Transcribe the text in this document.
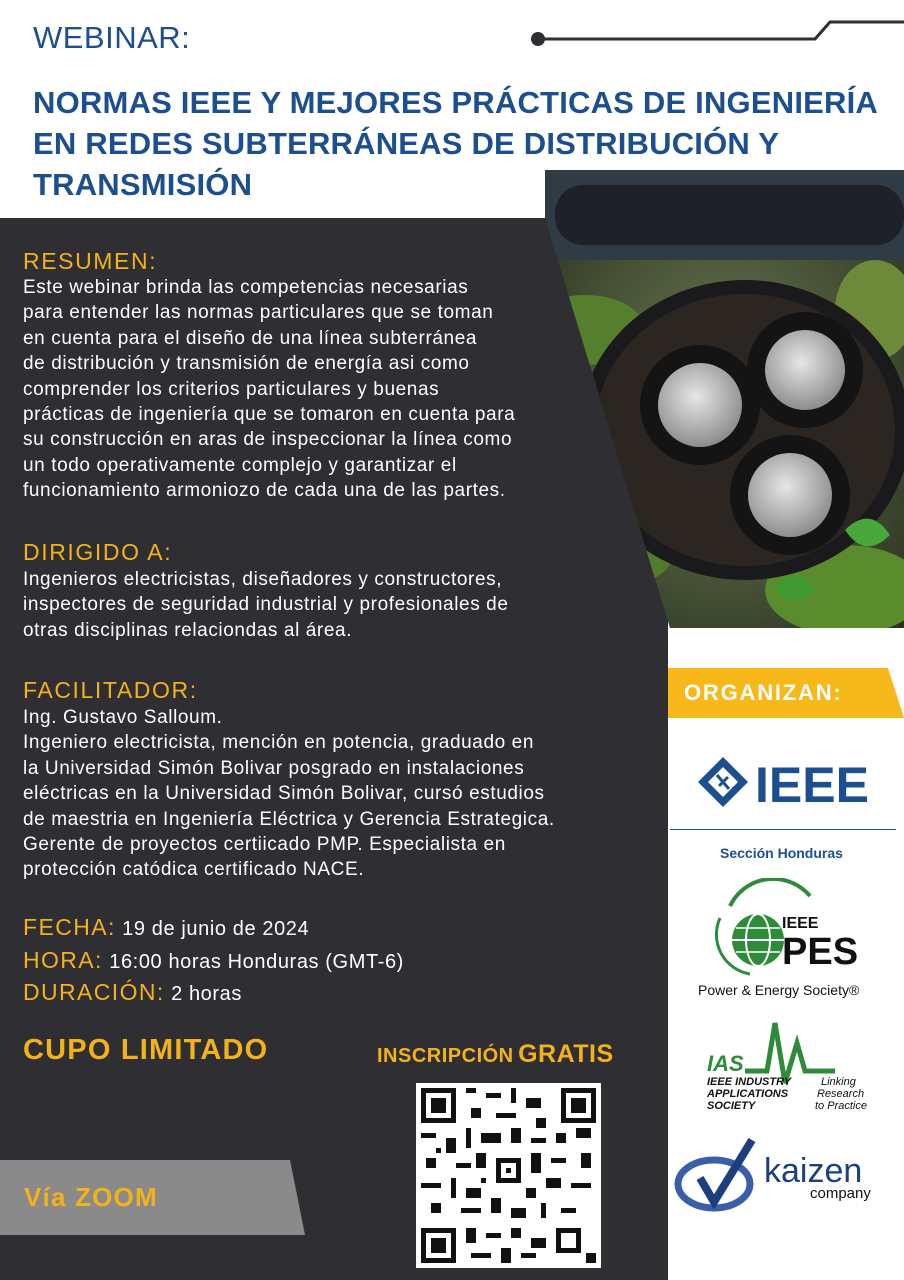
WEBINAR:
NORMAS IEEE Y MEJORES PRÁCTICAS DE INGENIERÍA
EN REDES SUBTERRÁNEAS DE DISTRIBUCIÓN Y
TRANSMISIÓN
RESUMEN:

Este webinar brinda las competencias necesarias

para entender las normas particulares que se toman

en cuenta para el diseño de una línea subterránea

de distribución y transmisión de energía asi como

comprender los criterios particulares y buenas

prácticas de ingeniería que se tomaron en cuenta para

su construcción en aras de inspeccionar la línea como

un todo operativamente complejo y garantizar el

funcionamiento armoniozo de cada una de las partes.

DIRIGIDO A:

Ingenieros electricistas, diseñadores y constructores,

inspectores de seguridad industrial y profesionales de

otras disciplinas relaciondas al área.

FACILITADOR:

Ing. Gustavo Salloum.

Ingeniero electricista, mención en potencia, graduado en

la Universidad Simón Bolivar posgrado en instalaciones

eléctricas en la Universidad Simón Bolivar, cursó estudios

de maestria en Ingeniería Eléctrica y Gerencia Estrategica.

Gerente de proyectos certiicado PMP. Especialista en

protección catódica certificado NACE.

FECHA: 19 de junio de 2024
HORA: 16:00 horas Honduras (GMT-6)
DURACIÓN: 2 horas
CUPO LIMITADO	INSCRIPCIÓN GRATIS
Vía ZOOM
ORGANIZAN:
IEEE
Sección Honduras
IEEE
PES
Power & Energy Society®
IAS
IEEE INDUSTRY
APPLICATIONS
SOCIETY
Linking
Research
to Practice
kaizen
company
